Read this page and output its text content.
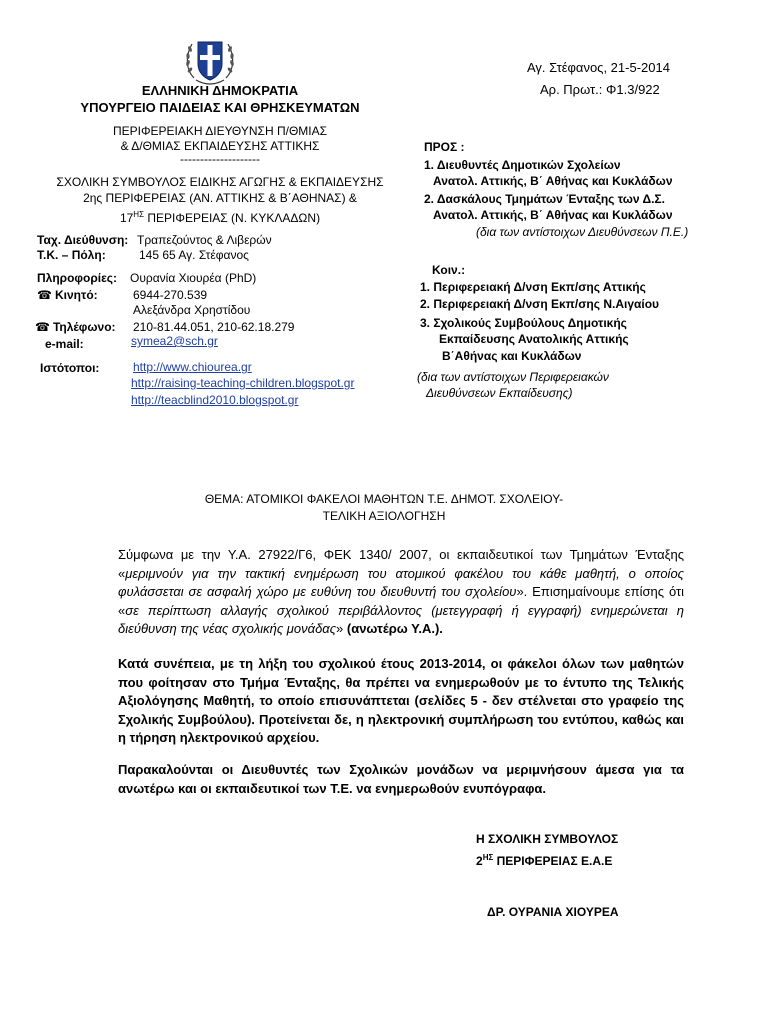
ΕΛΛΗΝΙΚΗ ΔΗΜΟΚΡΑΤΙΑ
ΥΠΟΥΡΓΕΙΟ ΠΑΙΔΕΙΑΣ ΚΑΙ ΘΡΗΣΚΕΥΜΑΤΩΝ
ΠΕΡΙΦΕΡΕΙΑΚΗ ΔΙΕΥΘΥΝΣΗ Π/ΘΜΙΑΣ
& Δ/ΘΜΙΑΣ ΕΚΠΑΙΔΕΥΣΗΣ ΑΤΤΙΚΗΣ
--------------------
ΣΧΟΛΙΚΗ ΣΥΜΒΟΥΛΟΣ ΕΙΔΙΚΗΣ ΑΓΩΓΗΣ & ΕΚΠΑΙΔΕΥΣΗΣ
2ης ΠΕΡΙΦΕΡΕΙΑΣ (ΑΝ. ΑΤΤΙΚΗΣ & Β΄ΑΘΗΝΑΣ) &
$17^{H\Sigma}$ ΠΕΡΙΦΕΡΕΙΑΣ (Ν. ΚΥΚΛΑΔΩΝ)
Ταχ. Διεύθυνση: Τραπεζούντος & Λιβερών
Τ.Κ. – Πόλη:	145 65 Αγ. Στέφανος
Πληροφορίες: Ουρανία Χιουρέα (PhD)
☎ Κινητό:	6944-270.539
Αλεξάνδρα Χρηστίδου
☎ Τηλέφωνο: 210-81.44.051, 210-62.18.279
e-mail:	symea2@sch.gr
Ιστότοποι:	http://www.chiourea.gr
http://raising-teaching-children.blogspot.gr
http://teacblind2010.blogspot.gr
Αγ. Στέφανος, 21-5-2014
Αρ. Πρωτ.: Φ1.3/922
ΠΡΟΣ :
1. Διευθυντές Δημοτικών Σχολείων
Ανατολ. Αττικής, Β΄ Αθήνας και Κυκλάδων
2. Δασκάλους Τμημάτων Ένταξης των Δ.Σ.
Ανατολ. Αττικής, Β΄ Αθήνας και Κυκλάδων
(δια των αντίστοιχων Διευθύνσεων Π.Ε.)
Κοιν.:
1. Περιφερειακή Δ/νση Εκπ/σης Αττικής
2. Περιφερειακή Δ/νση Εκπ/σης Ν.Αιγαίου
3. Σχολικούς Συμβούλους Δημοτικής
Εκπαίδευσης Ανατολικής Αττικής
Β΄Αθήνας και Κυκλάδων
(δια των αντίστοιχων Περιφερειακών
Διευθύνσεων Εκπαίδευσης)
ΘΕΜΑ: ΑΤΟΜΙΚΟΙ ΦΑΚΕΛΟΙ ΜΑΘΗΤΩΝ Τ.Ε. ΔΗΜΟΤ. ΣΧΟΛΕΙΟΥ-
ΤΕΛΙΚΗ ΑΞΙΟΛΟΓΗΣΗ
Σύμφωνα με την Υ.Α. 27922/Γ6, ΦΕΚ 1340/ 2007, οι εκπαιδευτικοί των Τμημάτων Ένταξης «μεριμνούν για την τακτική ενημέρωση του ατομικού φακέλου του κάθε μαθητή, ο οποίος φυλάσσεται σε ασφαλή χώρο με ευθύνη του διευθυντή του σχολείου». Επισημαίνουμε επίσης ότι «σε περίπτωση αλλαγής σχολικού περιβάλλοντος (μετεγγραφή ή εγγραφή) ενημερώνεται η διεύθυνση της νέας σχολικής μονάδας» (ανωτέρω Υ.Α.).
Κατά συνέπεια, με τη λήξη του σχολικού έτους 2013-2014, οι φάκελοι όλων των μαθητών που φοίτησαν στο Τμήμα Ένταξης, θα πρέπει να ενημερωθούν με το έντυπο της Τελικής Αξιολόγησης Μαθητή, το οποίο επισυνάπτεται (σελίδες 5 - δεν στέλνεται στο γραφείο της Σχολικής Συμβούλου). Προτείνεται δε, η ηλεκτρονική συμπλήρωση του εντύπου, καθώς και η τήρηση ηλεκτρονικού αρχείου.
Παρακαλούνται οι Διευθυντές των Σχολικών μονάδων να μεριμνήσουν άμεσα για τα ανωτέρω και οι εκπαιδευτικοί των Τ.Ε. να ενημερωθούν ενυπόγραφα.
Η ΣΧΟΛΙΚΗ ΣΥΜΒΟΥΛΟΣ
$2^{H\Sigma}$ ΠΕΡΙΦΕΡΕΙΑΣ Ε.Α.Ε
ΔΡ. ΟΥΡΑΝΙΑ ΧΙΟΥΡΕΑ
